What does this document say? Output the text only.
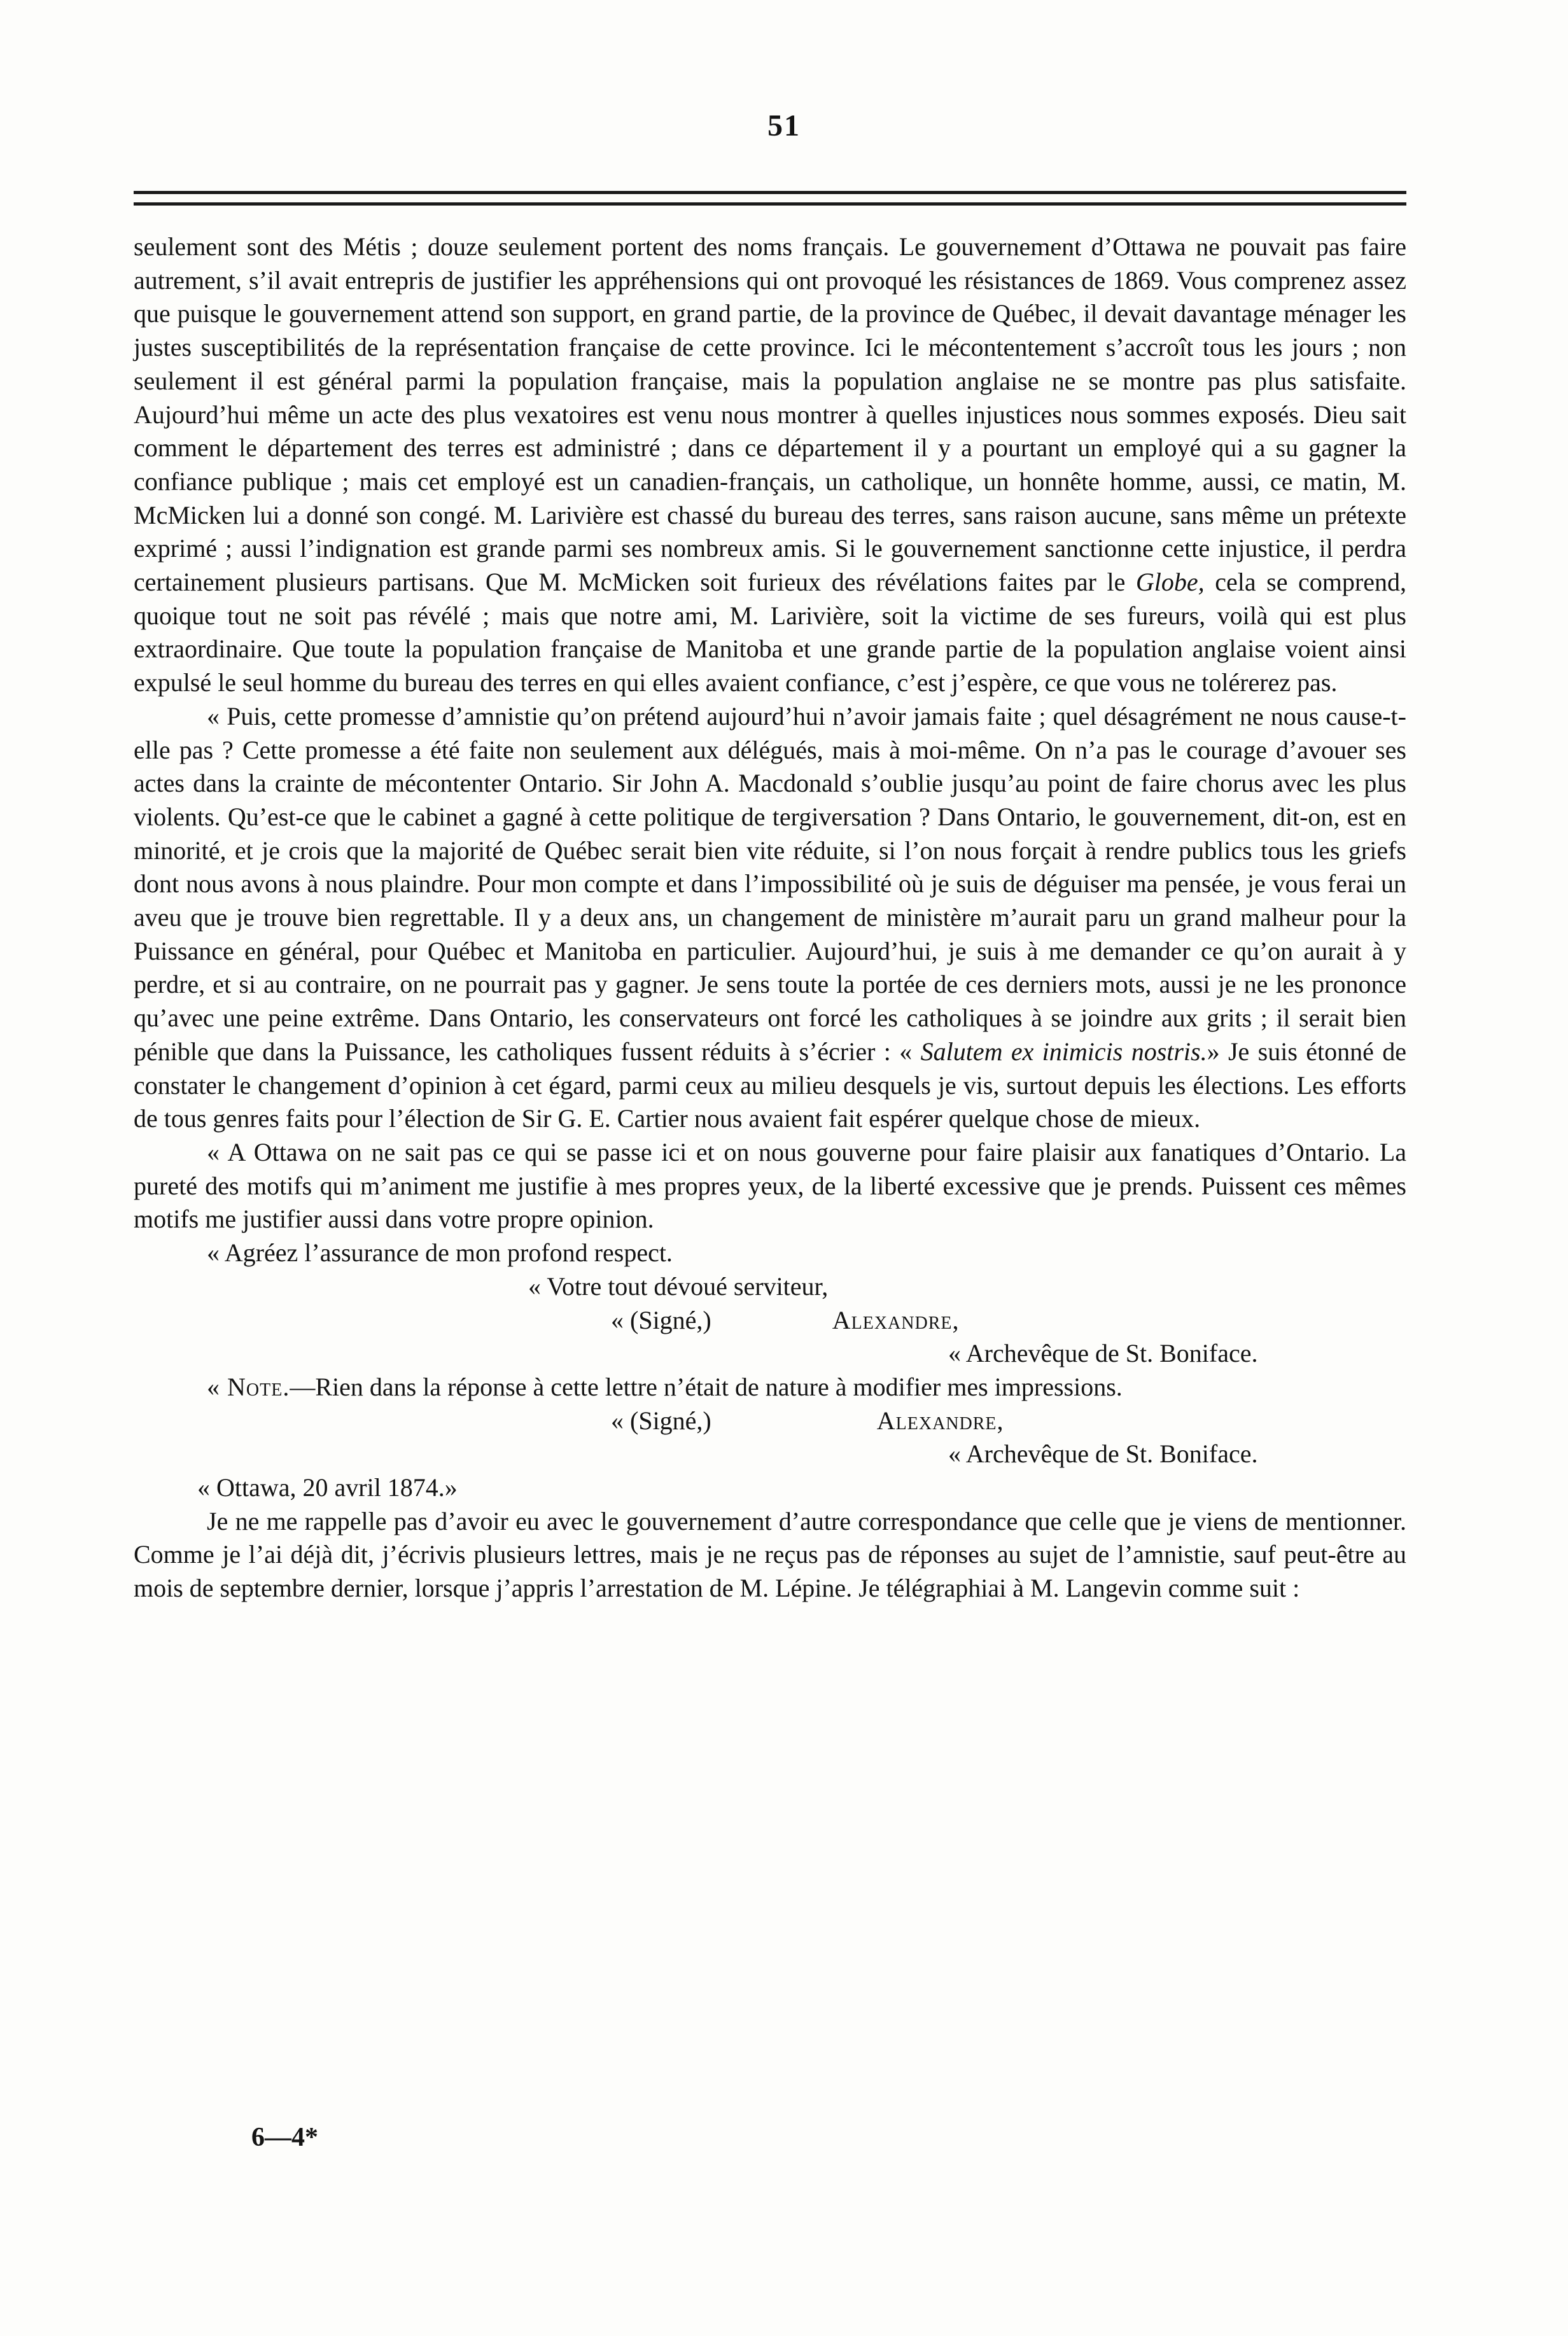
51

seulement sont des Métis ; douze seulement portent des noms français. Le gouvernement d’Ottawa ne pouvait pas faire autrement, s’il avait entrepris de justifier les appréhensions qui ont provoqué les résistances de 1869. Vous comprenez assez que puisque le gouvernement attend son support, en grand partie, de la province de Québec, il devait davantage ménager les justes susceptibilités de la représentation française de cette province. Ici le mécontentement s’accroît tous les jours ; non seulement il est général parmi la population française, mais la population anglaise ne se montre pas plus satisfaite. Aujourd’hui même un acte des plus vexatoires est venu nous montrer à quelles injustices nous sommes exposés. Dieu sait comment le département des terres est administré ; dans ce département il y a pourtant un employé qui a su gagner la confiance publique ; mais cet employé est un canadien-français, un catholique, un honnête homme, aussi, ce matin, M. McMicken lui a donné son congé. M. Larivière est chassé du bureau des terres, sans raison aucune, sans même un prétexte exprimé ; aussi l’indignation est grande parmi ses nombreux amis. Si le gouvernement sanctionne cette injustice, il perdra certainement plusieurs partisans. Que M. McMicken soit furieux des révélations faites par le Globe, cela se comprend, quoique tout ne soit pas révélé ; mais que notre ami, M. Larivière, soit la victime de ses fureurs, voilà qui est plus extraordinaire. Que toute la population française de Manitoba et une grande partie de la population anglaise voient ainsi expulsé le seul homme du bureau des terres en qui elles avaient confiance, c’est j’espère, ce que vous ne tolérerez pas.

« Puis, cette promesse d’amnistie qu’on prétend aujourd’hui n’avoir jamais faite ; quel désagrément ne nous cause-t-elle pas ? Cette promesse a été faite non seulement aux délégués, mais à moi-même. On n’a pas le courage d’avouer ses actes dans la crainte de mécontenter Ontario. Sir John A. Macdonald s’oublie jusqu’au point de faire chorus avec les plus violents. Qu’est-ce que le cabinet a gagné à cette politique de tergiversation ? Dans Ontario, le gouvernement, dit-on, est en minorité, et je crois que la majorité de Québec serait bien vite réduite, si l’on nous forçait à rendre publics tous les griefs dont nous avons à nous plaindre. Pour mon compte et dans l’impossibilité où je suis de déguiser ma pensée, je vous ferai un aveu que je trouve bien regrettable. Il y a deux ans, un changement de ministère m’aurait paru un grand malheur pour la Puissance en général, pour Québec et Manitoba en particulier. Aujourd’hui, je suis à me demander ce qu’on aurait à y perdre, et si au contraire, on ne pourrait pas y gagner. Je sens toute la portée de ces derniers mots, aussi je ne les prononce qu’avec une peine extrême. Dans Ontario, les conservateurs ont forcé les catholiques à se joindre aux grits ; il serait bien pénible que dans la Puissance, les catholiques fussent réduits à s’écrier : « Salutem ex inimicis nostris.» Je suis étonné de constater le changement d’opinion à cet égard, parmi ceux au milieu desquels je vis, surtout depuis les élections. Les efforts de tous genres faits pour l’élection de Sir G. E. Cartier nous avaient fait espérer quelque chose de mieux.

« A Ottawa on ne sait pas ce qui se passe ici et on nous gouverne pour faire plaisir aux fanatiques d’Ontario. La pureté des motifs qui m’animent me justifie à mes propres yeux, de la liberté excessive que je prends. Puissent ces mêmes motifs me justifier aussi dans votre propre opinion.

« Agréez l’assurance de mon profond respect.

« Votre tout dévoué serviteur,
« (Signé,)	Alexandre,
« Archevêque de St. Boniface.

« Note.—Rien dans la réponse à cette lettre n’était de nature à modifier mes impressions.

« (Signé,)	Alexandre,
« Archevêque de St. Boniface.
« Ottawa, 20 avril 1874.»

Je ne me rappelle pas d’avoir eu avec le gouvernement d’autre correspondance que celle que je viens de mentionner. Comme je l’ai déjà dit, j’écrivis plusieurs lettres, mais je ne reçus pas de réponses au sujet de l’amnistie, sauf peut-être au mois de septembre dernier, lorsque j’appris l’arrestation de M. Lépine. Je télégraphiai à M. Langevin comme suit :

6—4*
